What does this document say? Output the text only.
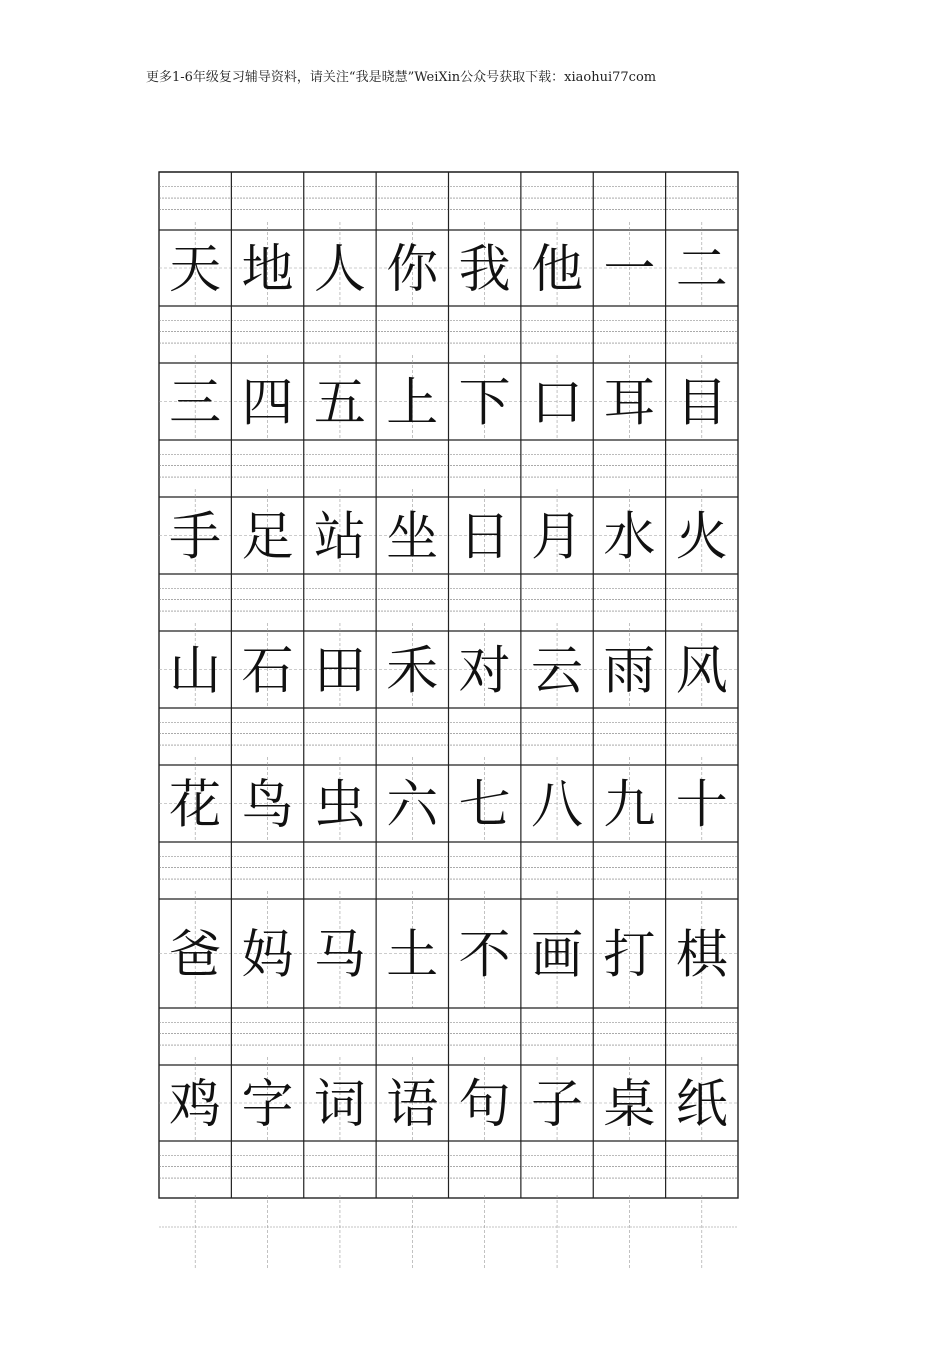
更多1-6年级复习辅导资料，请关注“我是晓慧”WeiXin公众号获取下载：xiaohui77com
天 地 人 你 我 他 一 二
三 四 五 上 下 口 耳 目
手 足 站 坐 日 月 水 火
山 石 田 禾 对 云 雨 风
花 鸟 虫 六 七 八 九 十
爸 妈 马 土 不 画 打 棋
鸡 字 词 语 句 子 桌 纸
